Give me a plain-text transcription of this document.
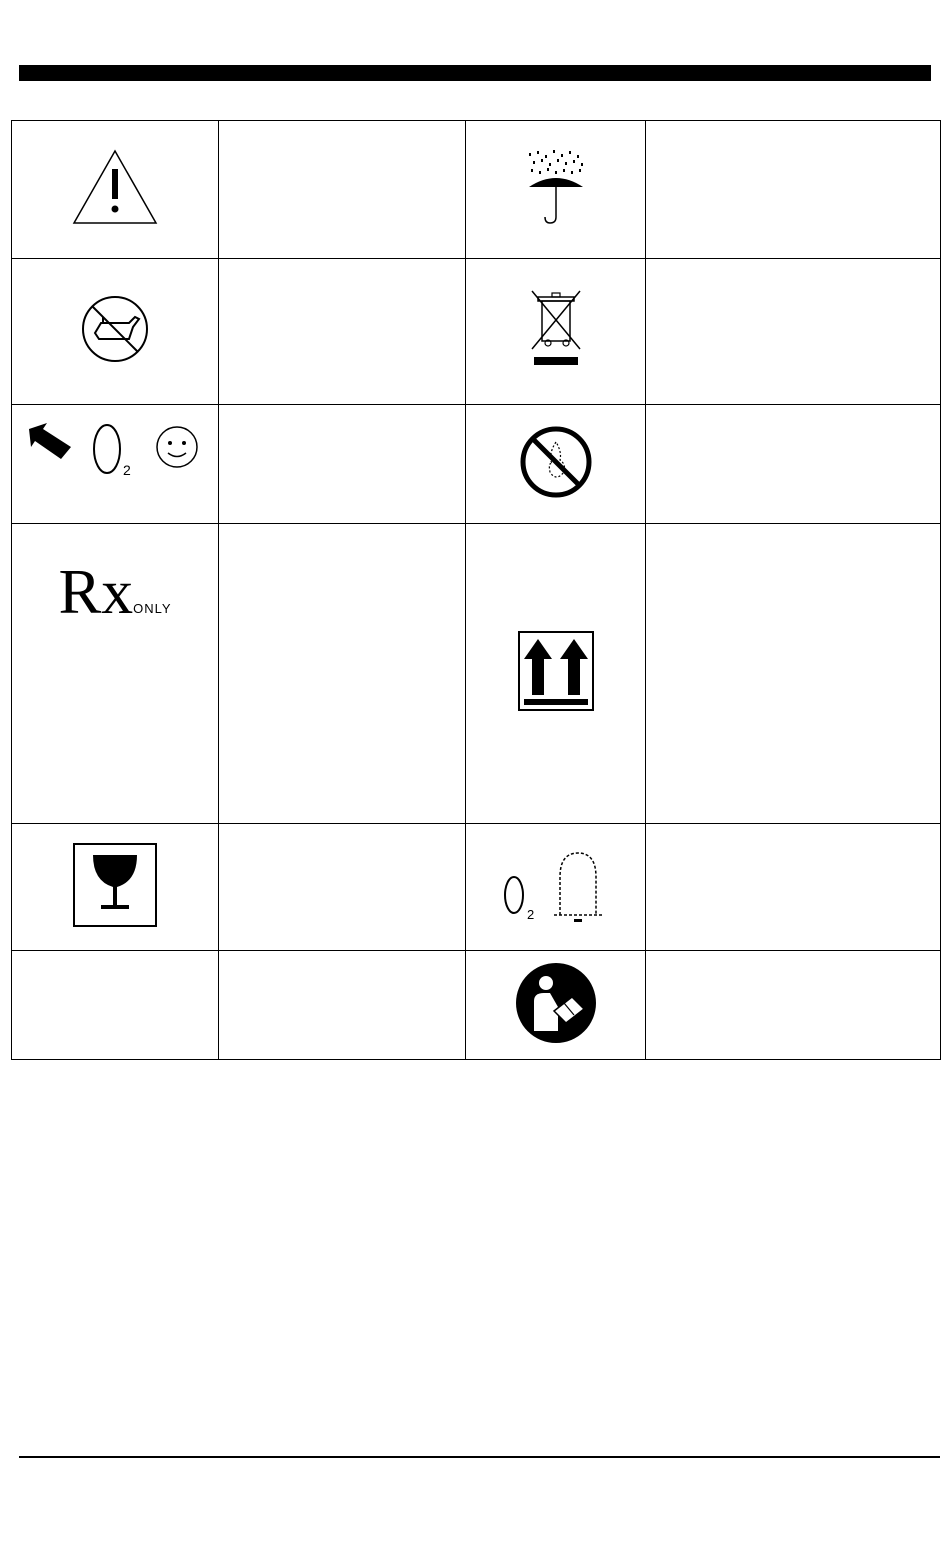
2

RxONLY		

2	
